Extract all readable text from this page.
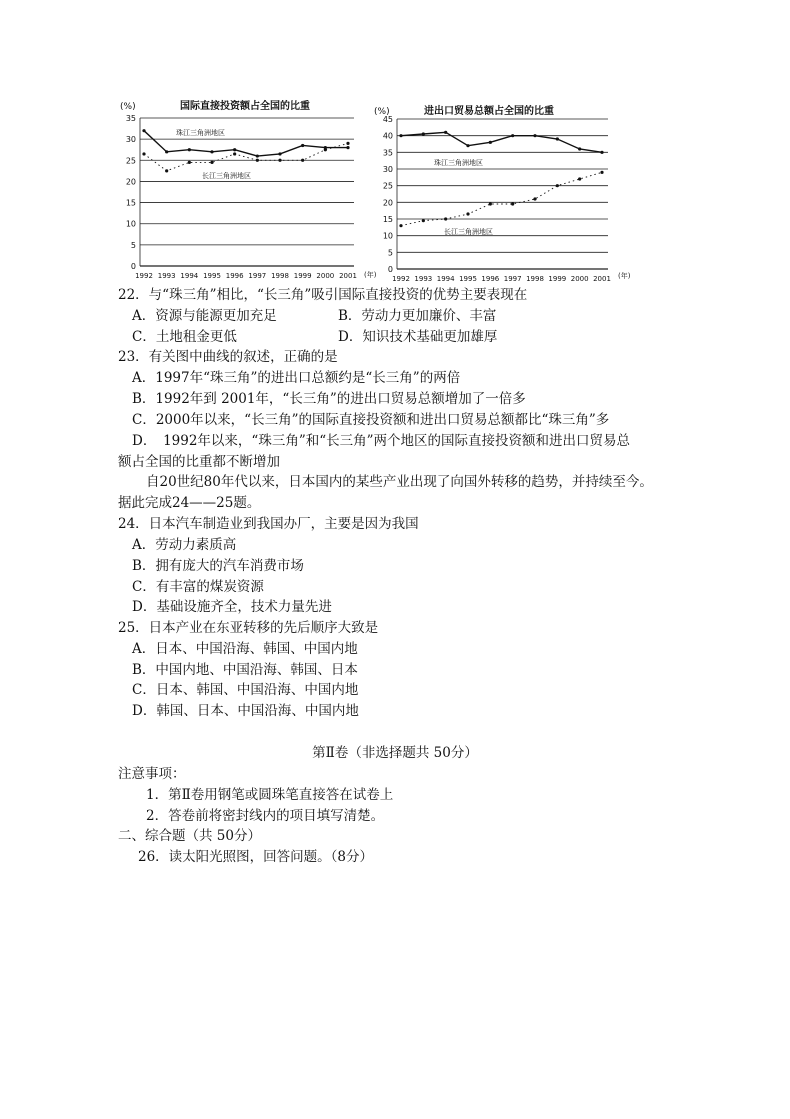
国际直接投资额占全国的比重
(%)
珠江三角洲地区
长江三角洲地区
(年)
0
5
10
15
20
25
30
35
1992 1993 1994 1995 1996 1997 1998 1999 2000 2001
进出口贸易总额占全国的比重
(%)
珠江三角洲地区
长江三角洲地区
(年)
0
5
10
15
20
25
30
35
40
45
1992 1993 1994 1995 1996 1997 1998 1999 2000 2001
22．与“珠三角”相比，“长三角”吸引国际直接投资的优势主要表现在
A．资源与能源更加充足	B．劳动力更加廉价、丰富
C．土地租金更低	D．知识技术基础更加雄厚
23．有关图中曲线的叙述，正确的是
A．1997年“珠三角”的进出口总额约是“长三角”的两倍
B．1992年到 2001年，“长三角”的进出口贸易总额增加了一倍多
C．2000年以来，“长三角”的国际直接投资额和进出口贸易总额都比“珠三角”多
D．　1992年以来，“珠三角”和“长三角”两个地区的国际直接投资额和进出口贸易总
额占全国的比重都不断增加
自20世纪80年代以来，日本国内的某些产业出现了向国外转移的趋势，并持续至今。
据此完成24——25题。
24．日本汽车制造业到我国办厂，主要是因为我国
A．劳动力素质高
B．拥有庞大的汽车消费市场
C．有丰富的煤炭资源
D．基础设施齐全，技术力量先进
25．日本产业在东亚转移的先后顺序大致是
A．日本、中国沿海、韩国、中国内地
B．中国内地、中国沿海、韩国、日本
C．日本、韩国、中国沿海、中国内地
D．韩国、日本、中国沿海、中国内地
第Ⅱ卷（非选择题共 50分）
注意事项：
1．第Ⅱ卷用钢笔或圆珠笔直接答在试卷上
2．答卷前将密封线内的项目填写清楚。
二、综合题（共 50分）
26．读太阳光照图，回答问题。（8分）
